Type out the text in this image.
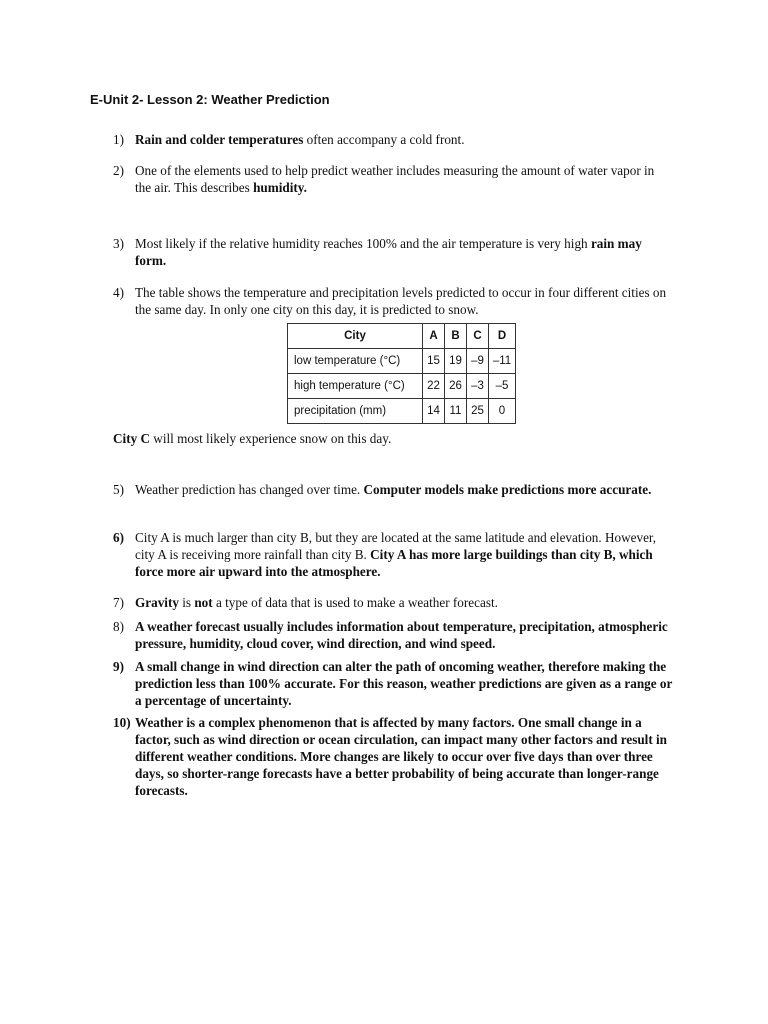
E-Unit 2- Lesson 2: Weather Prediction
1) Rain and colder temperatures often accompany a cold front.
2) One of the elements used to help predict weather includes measuring the amount of water vapor in the air. This describes humidity.
3) Most likely if the relative humidity reaches 100% and the air temperature is very high rain may form.
4) The table shows the temperature and precipitation levels predicted to occur in four different cities on the same day. In only one city on this day, it is predicted to snow.
City	A	B	C	D
low temperature (°C)	15	19	–9	–11
high temperature (°C)	22	26	–3	–5
precipitation (mm)	14	11	25	0
City C will most likely experience snow on this day.
5) Weather prediction has changed over time. Computer models make predictions more accurate.
6) City A is much larger than city B, but they are located at the same latitude and elevation. However, city A is receiving more rainfall than city B. City A has more large buildings than city B, which force more air upward into the atmosphere.
7) Gravity is not a type of data that is used to make a weather forecast.
8) A weather forecast usually includes information about temperature, precipitation, atmospheric pressure, humidity, cloud cover, wind direction, and wind speed.
9) A small change in wind direction can alter the path of oncoming weather, therefore making the prediction less than 100% accurate. For this reason, weather predictions are given as a range or a percentage of uncertainty.
10) Weather is a complex phenomenon that is affected by many factors. One small change in a factor, such as wind direction or ocean circulation, can impact many other factors and result in different weather conditions. More changes are likely to occur over five days than over three days, so shorter-range forecasts have a better probability of being accurate than longer-range forecasts.
